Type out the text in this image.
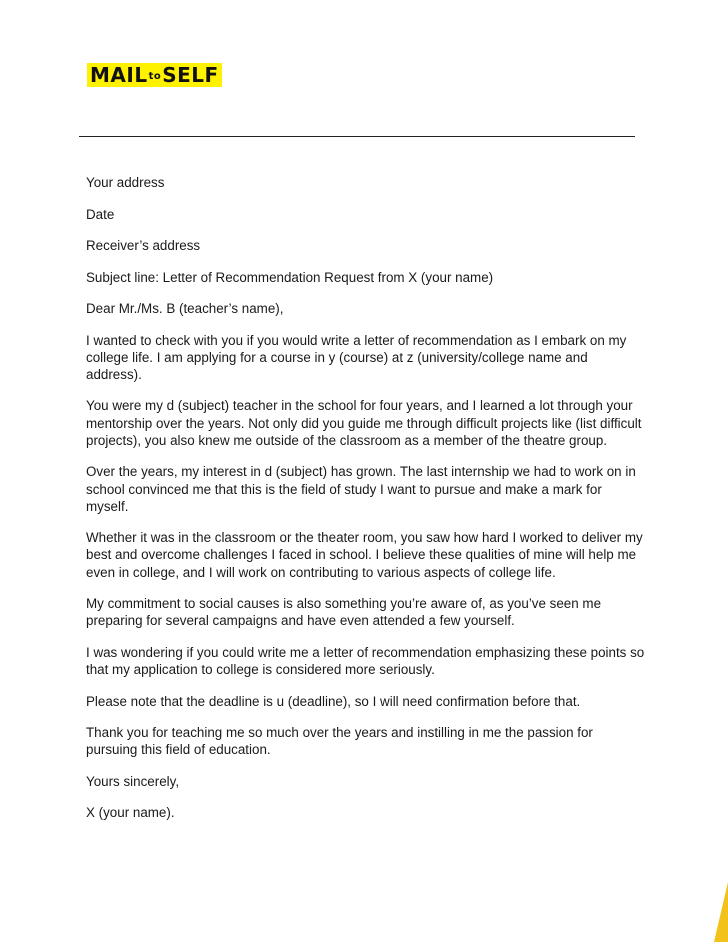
MAIL to SELF

Your address

Date

Receiver’s address

Subject line: Letter of Recommendation Request from X (your name)

Dear Mr./Ms. B (teacher’s name),

I wanted to check with you if you would write a letter of recommendation as I embark on my college life. I am applying for a course in y (course) at z (university/college name and address).

You were my d (subject) teacher in the school for four years, and I learned a lot through your mentorship over the years. Not only did you guide me through difficult projects like (list difficult projects), you also knew me outside of the classroom as a member of the theatre group.

Over the years, my interest in d (subject) has grown. The last internship we had to work on in school convinced me that this is the field of study I want to pursue and make a mark for myself.

Whether it was in the classroom or the theater room, you saw how hard I worked to deliver my best and overcome challenges I faced in school. I believe these qualities of mine will help me even in college, and I will work on contributing to various aspects of college life.

My commitment to social causes is also something you’re aware of, as you’ve seen me preparing for several campaigns and have even attended a few yourself.

I was wondering if you could write me a letter of recommendation emphasizing these points so that my application to college is considered more seriously.

Please note that the deadline is u (deadline), so I will need confirmation before that.

Thank you for teaching me so much over the years and instilling in me the passion for pursuing this field of education.

Yours sincerely,

X (your name).
